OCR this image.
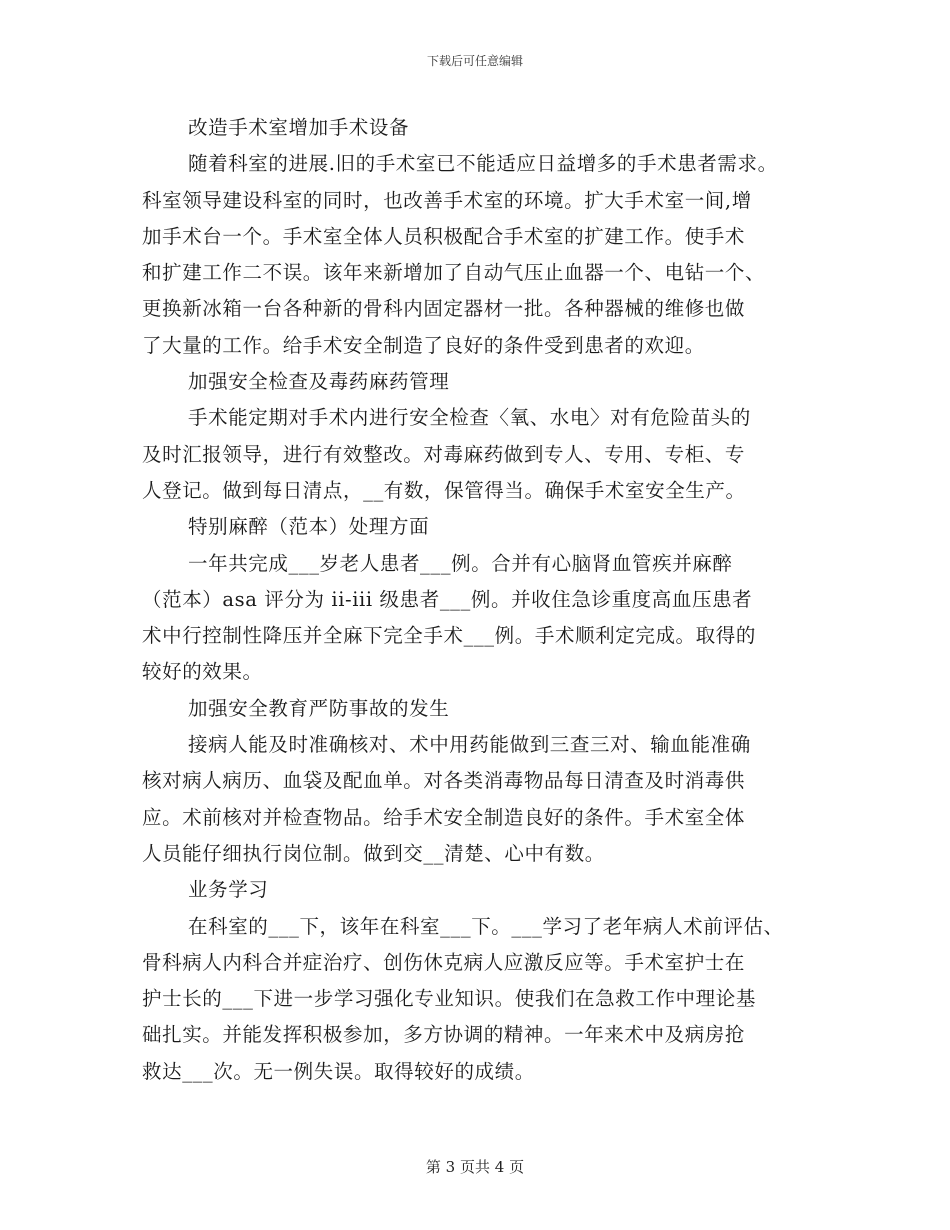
下载后可任意编辑
改造手术室增加手术设备
随着科室的进展.旧的手术室已不能适应日益增多的手术患者需求。
科室领导建设科室的同时，也改善手术室的环境。扩大手术室一间,增
加手术台一个。手术室全体人员积极配合手术室的扩建工作。使手术
和扩建工作二不误。该年来新增加了自动气压止血器一个、电钻一个、
更换新冰箱一台各种新的骨科内固定器材一批。各种器械的维修也做
了大量的工作。给手术安全制造了良好的条件受到患者的欢迎。
加强安全检查及毒药麻药管理
手术能定期对手术内进行安全检查〈氧、水电〉对有危险苗头的
及时汇报领导，进行有效整改。对毒麻药做到专人、专用、专柜、专
人登记。做到每日清点，__有数，保管得当。确保手术室安全生产。
特别麻醉（范本）处理方面
一年共完成___岁老人患者___例。合并有心脑肾血管疾并麻醉
（范本）asa 评分为 ii-iii 级患者___例。并收住急诊重度高血压患者
术中行控制性降压并全麻下完全手术___例。手术顺利定完成。取得的
较好的效果。
加强安全教育严防事故的发生
接病人能及时准确核对、术中用药能做到三查三对、输血能准确
核对病人病历、血袋及配血单。对各类消毒物品每日清查及时消毒供
应。术前核对并检查物品。给手术安全制造良好的条件。手术室全体
人员能仔细执行岗位制。做到交__清楚、心中有数。
业务学习
在科室的___下，该年在科室___下。___学习了老年病人术前评估、
骨科病人内科合并症治疗、创伤休克病人应激反应等。手术室护士在
护士长的___下进一步学习强化专业知识。使我们在急救工作中理论基
础扎实。并能发挥积极参加，多方协调的精神。一年来术中及病房抢
救达___次。无一例失误。取得较好的成绩。
第 3 页共 4 页
